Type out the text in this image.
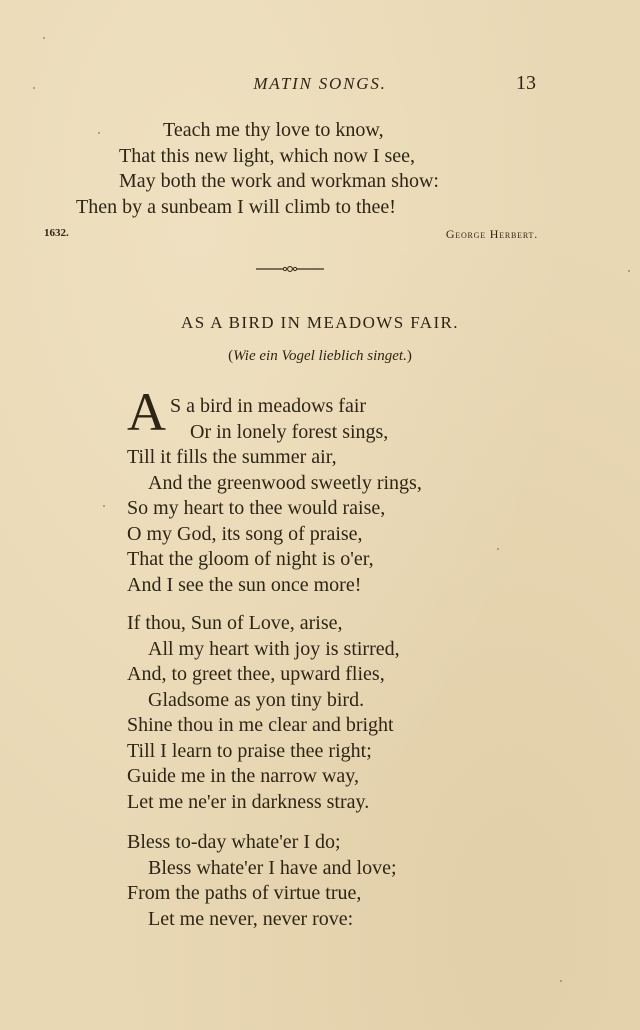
MATIN SONGS.	13
Teach me thy love to know,
That this new light, which now I see,
May both the work and workman show:
Then by a sunbeam I will climb to thee!
1632.	George Herbert.
AS A BIRD IN MEADOWS FAIR.
(Wie ein Vogel lieblich singet.)
A S a bird in meadows fair
Or in lonely forest sings,
Till it fills the summer air,
And the greenwood sweetly rings,
So my heart to thee would raise,
O my God, its song of praise,
That the gloom of night is o'er,
And I see the sun once more!
If thou, Sun of Love, arise,
All my heart with joy is stirred,
And, to greet thee, upward flies,
Gladsome as yon tiny bird.
Shine thou in me clear and bright
Till I learn to praise thee right;
Guide me in the narrow way,
Let me ne'er in darkness stray.
Bless to-day whate'er I do;
Bless whate'er I have and love;
From the paths of virtue true,
Let me never, never rove:
